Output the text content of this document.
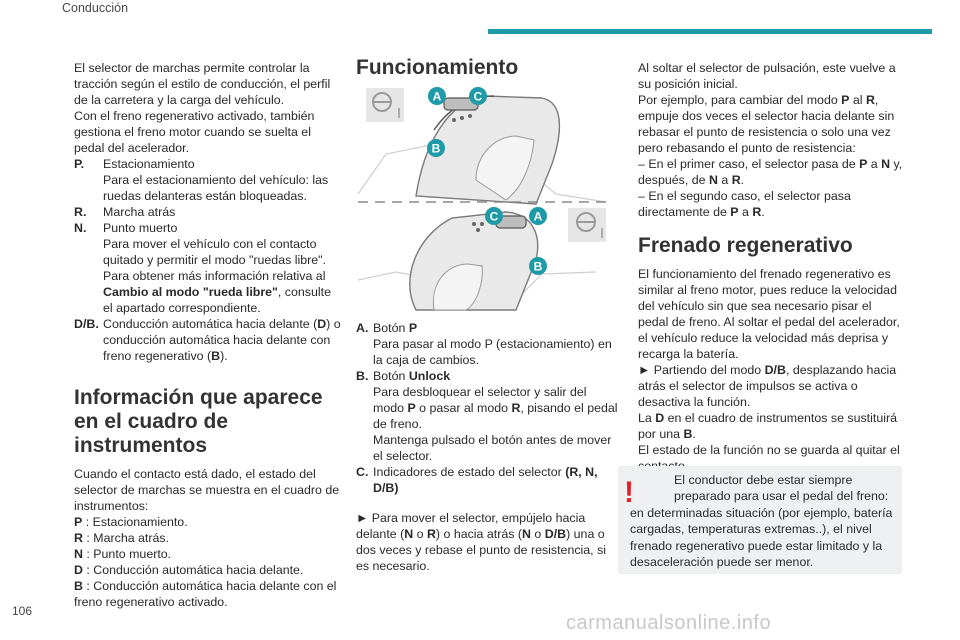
Conducción

El selector de marchas permite controlar la tracción según el estilo de conducción, el perfil de la carretera y la carga del vehículo.

Con el freno regenerativo activado, también gestiona el freno motor cuando se suelta el pedal del acelerador.

P.	Estacionamiento
Para el estacionamiento del vehículo: las ruedas delanteras están bloqueadas.
R.	Marcha atrás
N.	Punto muerto
Para mover el vehículo con el contacto quitado y permitir el modo "ruedas libre".
Para obtener más información relativa al Cambio al modo "rueda libre", consulte el apartado correspondiente.
D/B. Conducción automática hacia delante (D) o conducción automática hacia delante con freno regenerativo (B).
Información que aparece en el cuadro de instrumentos

Cuando el contacto está dado, el estado del selector de marchas se muestra en el cuadro de instrumentos:

P : Estacionamiento.

R : Marcha atrás.

N : Punto muerto.

D : Conducción automática hacia delante.

B : Conducción automática hacia delante con el freno regenerativo activado.

Funcionamiento
A	C
B
C	A
B
A. Botón P
Para pasar al modo P (estacionamiento) en la caja de cambios.
B. Botón Unlock
Para desbloquear el selector y salir del modo P o pasar al modo R, pisando el pedal de freno.
Mantenga pulsado el botón antes de mover el selector.
C. Indicadores de estado del selector (R, N, D/B)

► Para mover el selector, empújelo hacia delante (N o R) o hacia atrás (N o D/B) una o dos veces y rebase el punto de resistencia, si es necesario.

Al soltar el selector de pulsación, este vuelve a su posición inicial.

Por ejemplo, para cambiar del modo P al R, empuje dos veces el selector hacia delante sin rebasar el punto de resistencia o solo una vez pero rebasando el punto de resistencia:

– En el primer caso, el selector pasa de P a N y, después, de N a R.

– En el segundo caso, el selector pasa directamente de P a R.

Frenado regenerativo

El funcionamiento del frenado regenerativo es similar al freno motor, pues reduce la velocidad del vehículo sin que sea necesario pisar el pedal de freno. Al soltar el pedal del acelerador, el vehículo reduce la velocidad más deprisa y recarga la batería.

► Partiendo del modo D/B, desplazando hacia atrás el selector de impulsos se activa o desactiva la función.

La D en el cuadro de instrumentos se sustituirá por una B.

El estado de la función no se guarda al quitar el

!	El conductor debe estar siempre
preparado para usar el pedal del freno:
en determinadas situación (por ejemplo, batería cargadas, temperaturas extremas..), el nivel frenado regenerativo puede estar limitado y la desaceleración puede ser menor.
106
carmanualsonline.info
